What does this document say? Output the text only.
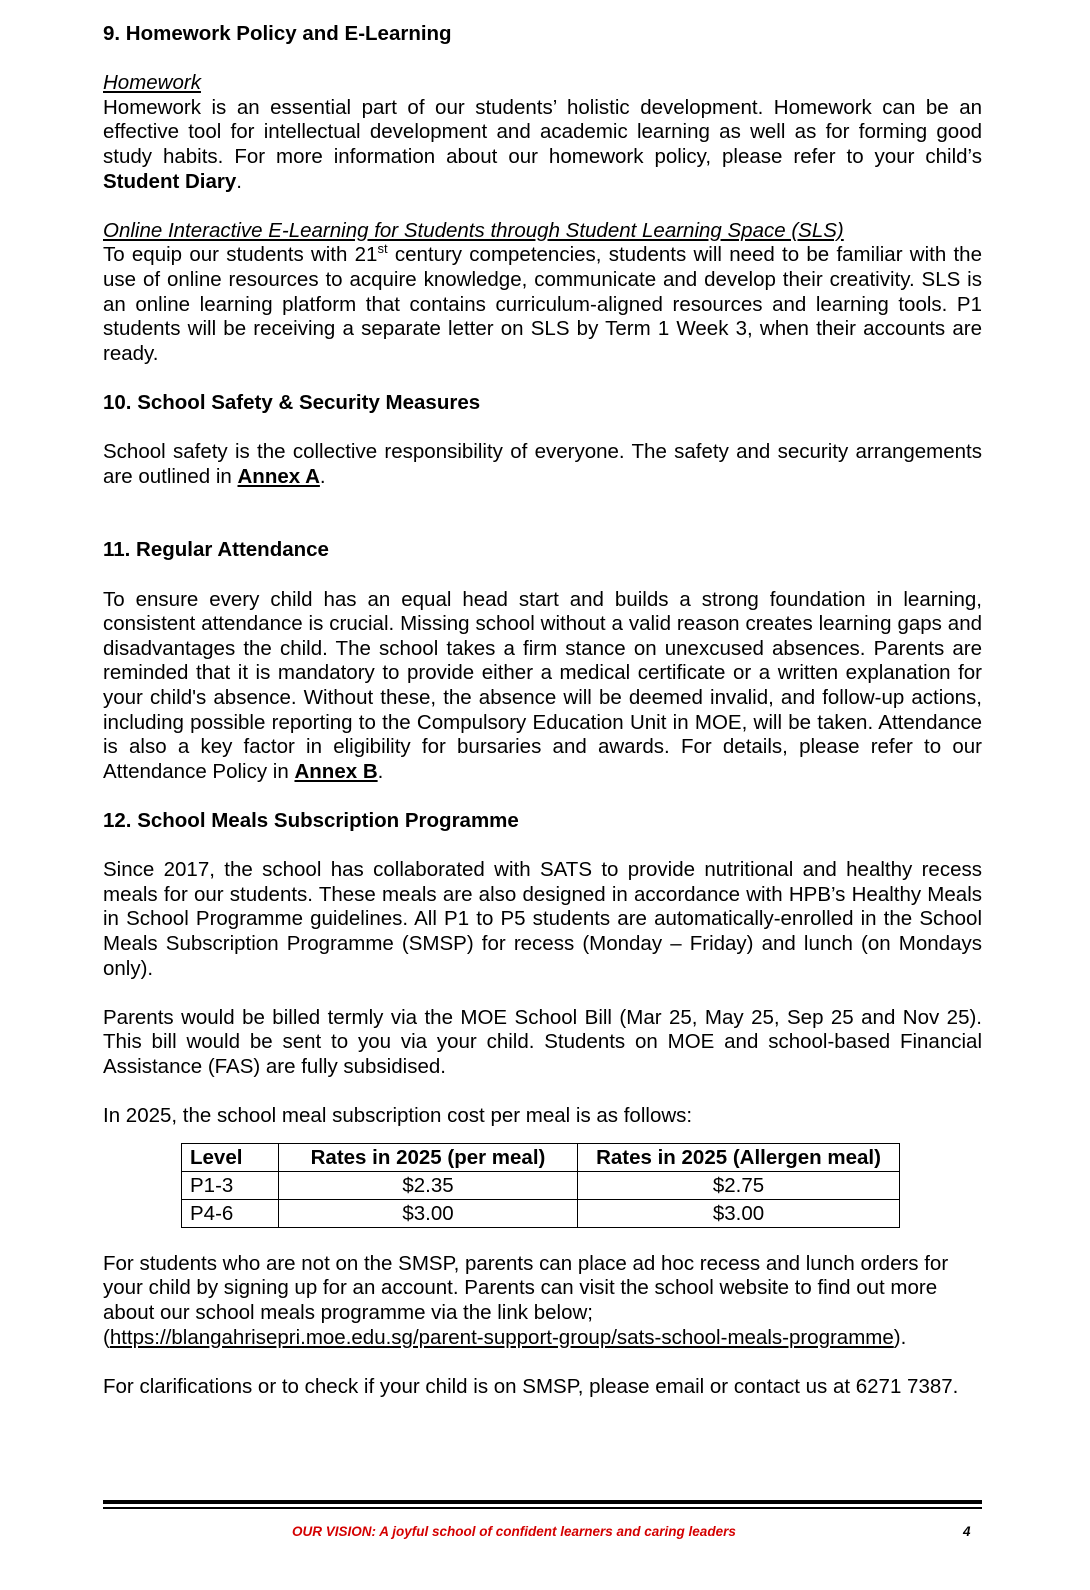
9. Homework Policy and E-Learning

Homework

Homework is an essential part of our students’ holistic development. Homework can be an effective tool for intellectual development and academic learning as well as for forming good study habits. For more information about our homework policy, please refer to your child’s Student Diary.

Online Interactive E-Learning for Students through Student Learning Space (SLS)

To equip our students with 21st century competencies, students will need to be familiar with the use of online resources to acquire knowledge, communicate and develop their creativity. SLS is an online learning platform that contains curriculum-aligned resources and learning tools. P1 students will be receiving a separate letter on SLS by Term 1 Week 3, when their accounts are ready.

10. School Safety & Security Measures

School safety is the collective responsibility of everyone. The safety and security arrangements are outlined in Annex A.

11. Regular Attendance

To ensure every child has an equal head start and builds a strong foundation in learning, consistent attendance is crucial. Missing school without a valid reason creates learning gaps and disadvantages the child. The school takes a firm stance on unexcused absences. Parents are reminded that it is mandatory to provide either a medical certificate or a written explanation for your child's absence. Without these, the absence will be deemed invalid, and follow-up actions, including possible reporting to the Compulsory Education Unit in MOE, will be taken. Attendance is also a key factor in eligibility for bursaries and awards. For details, please refer to our Attendance Policy in Annex B.

12. School Meals Subscription Programme

Since 2017, the school has collaborated with SATS to provide nutritional and healthy recess meals for our students. These meals are also designed in accordance with HPB’s Healthy Meals in School Programme guidelines. All P1 to P5 students are automatically-enrolled in the School Meals Subscription Programme (SMSP) for recess (Monday – Friday) and lunch (on Mondays only).

Parents would be billed termly via the MOE School Bill (Mar 25, May 25, Sep 25 and Nov 25). This bill would be sent to you via your child. Students on MOE and school-based Financial Assistance (FAS) are fully subsidised.

In 2025, the school meal subscription cost per meal is as follows:

Level	Rates in 2025 (per meal)	Rates in 2025 (Allergen meal)
P1-3	$2.35	$2.75
P4-6	$3.00	$3.00

For students who are not on the SMSP, parents can place ad hoc recess and lunch orders for your child by signing up for an account. Parents can visit the school website to find out more about our school meals programme via the link below;
(https://blangahrisepri.moe.edu.sg/parent-support-group/sats-school-meals-programme).

For clarifications or to check if your child is on SMSP, please email or contact us at 6271 7387.

OUR VISION: A joyful school of confident learners and caring leaders	4
